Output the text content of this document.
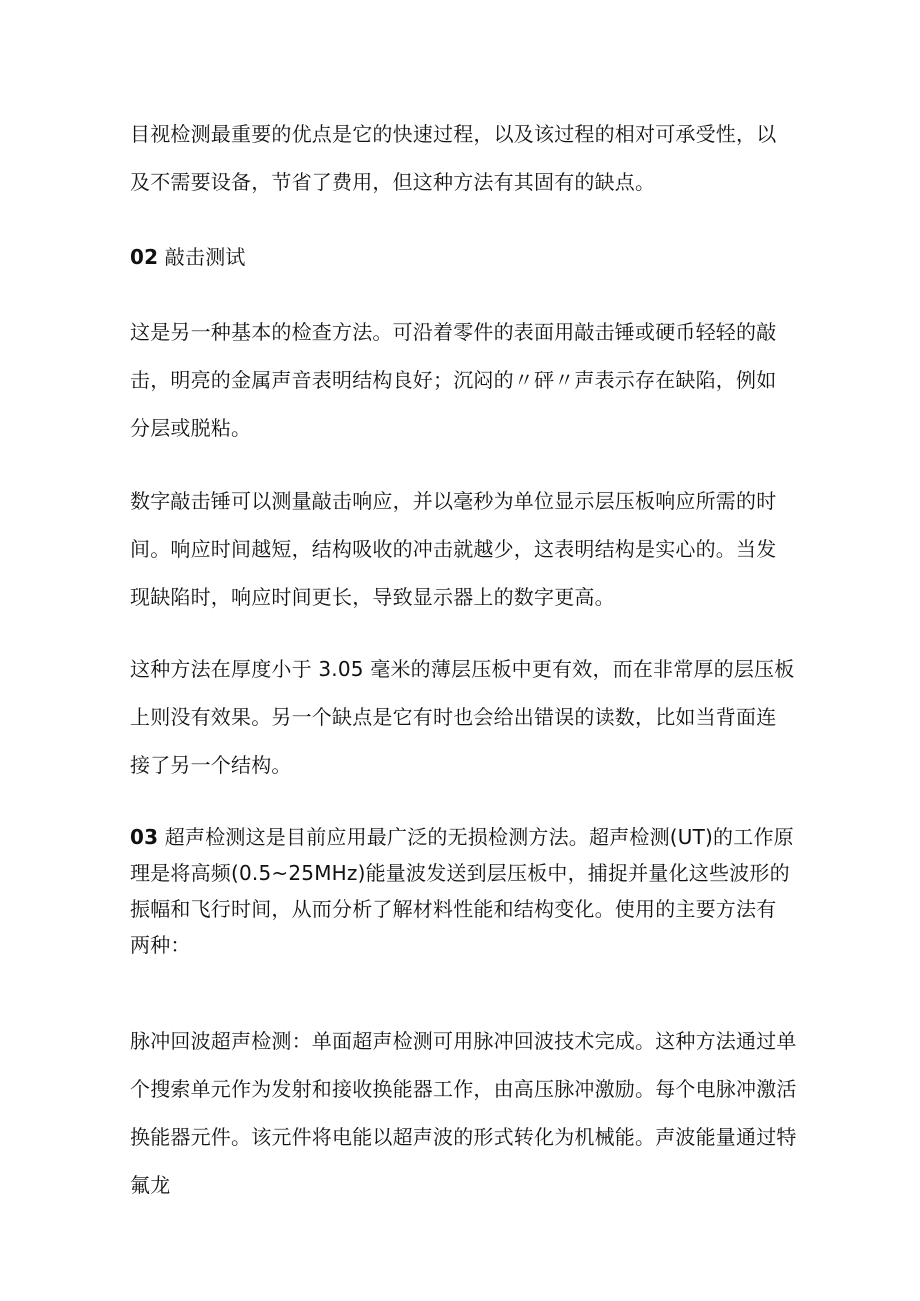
目视检测最重要的优点是它的快速过程，以及该过程的相对可承受性，以
及不需要设备，节省了费用，但这种方法有其固有的缺点。
02 敲击测试
这是另一种基本的检查方法。可沿着零件的表面用敲击锤或硬币轻轻的敲
击，明亮的金属声音表明结构良好；沉闷的〃砰〃声表示存在缺陷，例如
分层或脱粘。
数字敲击锤可以测量敲击响应，并以毫秒为单位显示层压板响应所需的时
间。响应时间越短，结构吸收的冲击就越少，这表明结构是实心的。当发
现缺陷时，响应时间更长，导致显示器上的数字更高。
这种方法在厚度小于 3.05 毫米的薄层压板中更有效，而在非常厚的层压板
上则没有效果。另一个缺点是它有时也会给出错误的读数，比如当背面连
接了另一个结构。
03 超声检测这是目前应用最广泛的无损检测方法。超声检测(UT)的工作原
理是将高频(0.5~25MHz)能量波发送到层压板中，捕捉并量化这些波形的
振幅和飞行时间，从而分析了解材料性能和结构变化。使用的主要方法有
两种：
脉冲回波超声检测：单面超声检测可用脉冲回波技术完成。这种方法通过单
个搜索单元作为发射和接收换能器工作，由高压脉冲激励。每个电脉冲激活
换能器元件。该元件将电能以超声波的形式转化为机械能。声波能量通过特
氟龙
